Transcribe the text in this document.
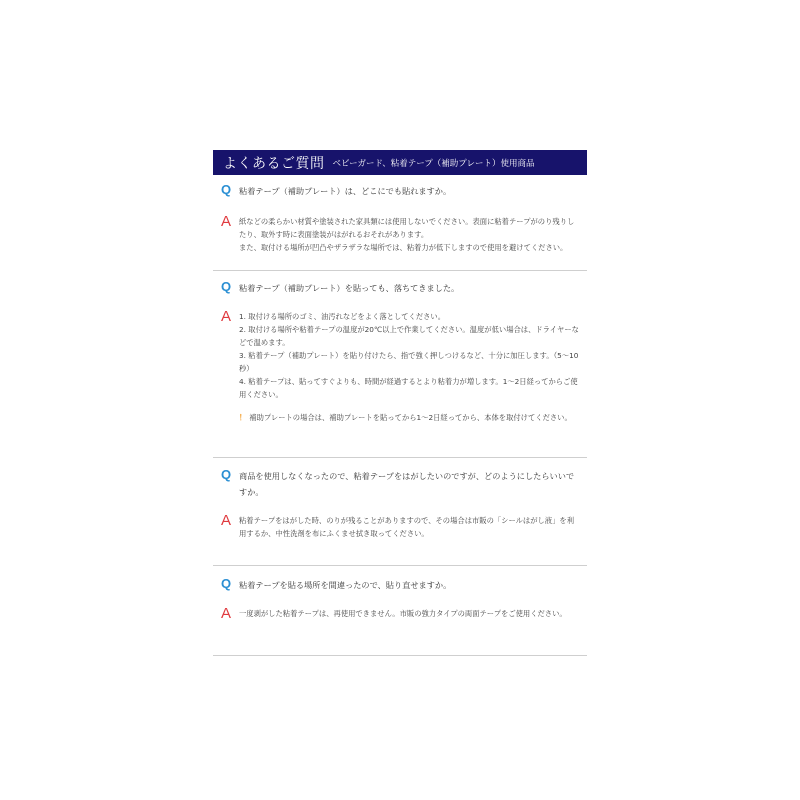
よくあるご質問 ベビーガード、粘着テープ（補助プレート）使用商品
Q 粘着テープ（補助プレート）は、どこにでも貼れますか。
A	紙などの柔らかい材質や塗装された家具類には使用しないでください。表面に粘着テープがのり残りしたり、取外す時に表面塗装がはがれるおそれがあります。

また、取付ける場所が凹凸やザラザラな場所では、粘着力が低下しますので使用を避けてください。

Q 粘着テープ（補助プレート）を貼っても、落ちてきました。
A	1. 取付ける場所のゴミ、油汚れなどをよく落としてください。

2. 取付ける場所や粘着テープの温度が20℃以上で作業してください。温度が低い場合は、ドライヤーなどで温めます。

3. 粘着テープ（補助プレート）を貼り付けたら、指で強く押しつけるなど、十分に加圧します。（5〜10秒）

4. 粘着テープは、貼ってすぐよりも、時間が経過するとより粘着力が増します。1〜2日経ってからご使用ください。

！ 補助プレートの場合は、補助プレートを貼ってから1〜2日経ってから、本体を取付けてください。

Q 商品を使用しなくなったので、粘着テープをはがしたいのですが、どのようにしたらいいですか。
A	粘着テープをはがした時、のりが残ることがありますので、その場合は市販の「シールはがし液」を利用するか、中性洗剤を布にふくませ拭き取ってください。

Q 粘着テープを貼る場所を間違ったので、貼り直せますか。
A	一度剥がした粘着テープは、再使用できません。市販の強力タイプの両面テープをご使用ください。
